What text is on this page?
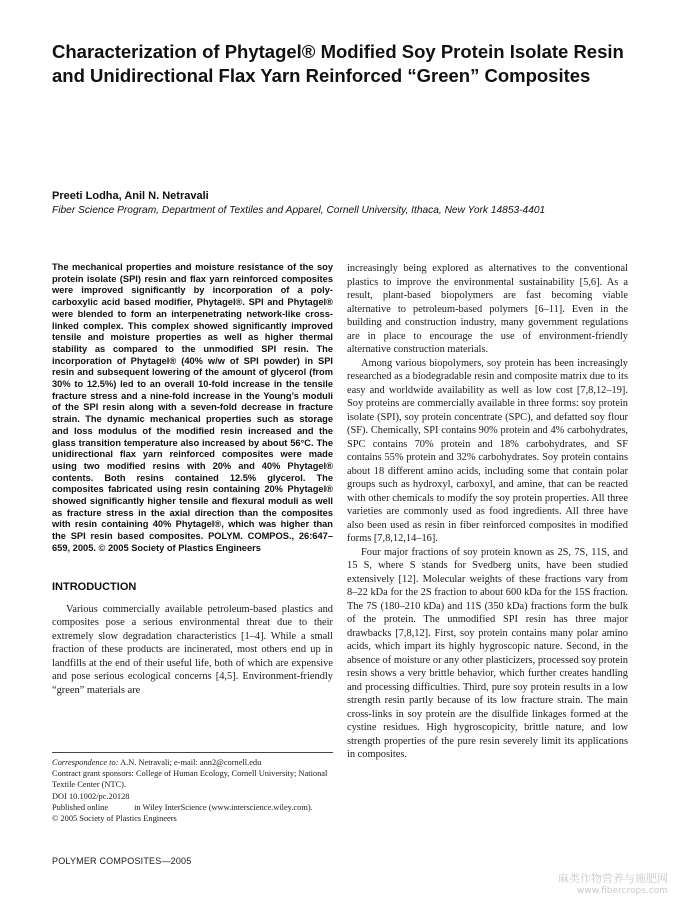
Characterization of Phytagel® Modified Soy Protein Isolate Resin and Unidirectional Flax Yarn Reinforced “Green” Composites
Preeti Lodha, Anil N. Netravali
Fiber Science Program, Department of Textiles and Apparel, Cornell University, Ithaca, New York 14853-4401

The mechanical properties and moisture resistance of the soy protein isolate (SPI) resin and flax yarn reinforced composites were improved significantly by incorporation of a poly-carboxylic acid based modifier, Phytagel®. SPI and Phytagel® were blended to form an interpenetrating network-like cross-linked complex. This complex showed significantly improved tensile and moisture properties as well as higher thermal stability as compared to the unmodified SPI resin. The incorporation of Phytagel® (40% w/w of SPI powder) in SPI resin and subsequent lowering of the amount of glycerol (from 30% to 12.5%) led to an overall 10-fold increase in the tensile fracture stress and a nine-fold increase in the Young’s moduli of the SPI resin along with a seven-fold decrease in fracture strain. The dynamic mechanical properties such as storage and loss modulus of the modified resin increased and the glass transition temperature also increased by about 56°C. The unidirectional flax yarn reinforced composites were made using two modified resins with 20% and 40% Phytagel® contents. Both resins contained 12.5% glycerol. The composites fabricated using resin containing 20% Phytagel® showed significantly higher tensile and flexural moduli as well as fracture stress in the axial direction than the composites with resin containing 40% Phytagel®, which was higher than the SPI resin based composites. POLYM. COMPOS., 26:647–659, 2005. © 2005 Society of Plastics Engineers

INTRODUCTION

Various commercially available petroleum-based plastics and composites pose a serious environmental threat due to their extremely slow degradation characteristics [1–4]. While a small fraction of these products are incinerated, most others end up in landfills at the end of their useful life, both of which are expensive and pose serious ecological concerns [4,5]. Environment-friendly “green” materials are

increasingly being explored as alternatives to the conventional plastics to improve the environmental sustainability [5,6]. As a result, plant-based biopolymers are fast becoming viable alternative to petroleum-based polymers [6–11]. Even in the building and construction industry, many government regulations are in place to encourage the use of environment-friendly alternative construction materials.

Among various biopolymers, soy protein has been increasingly researched as a biodegradable resin and composite matrix due to its easy and worldwide availability as well as low cost [7,8,12–19]. Soy proteins are commercially available in three forms: soy protein isolate (SPI), soy protein concentrate (SPC), and defatted soy flour (SF). Chemically, SPI contains 90% protein and 4% carbohydrates, SPC contains 70% protein and 18% carbohydrates, and SF contains 55% protein and 32% carbohydrates. Soy protein contains about 18 different amino acids, including some that contain polar groups such as hydroxyl, carboxyl, and amine, that can be reacted with other chemicals to modify the soy protein properties. All three varieties are commonly used as food ingredients. All three have also been used as resin in fiber reinforced composites in modified forms [7,8,12,14–16].

Four major fractions of soy protein known as 2S, 7S, 11S, and 15 S, where S stands for Svedberg units, have been studied extensively [12]. Molecular weights of these fractions vary from 8–22 kDa for the 2S fraction to about 600 kDa for the 15S fraction. The 7S (180–210 kDa) and 11S (350 kDa) fractions form the bulk of the protein. The unmodified SPI resin has three major drawbacks [7,8,12]. First, soy protein contains many polar amino acids, which impart its highly hygroscopic nature. Second, in the absence of moisture or any other plasticizers, processed soy protein resin shows a very brittle behavior, which further creates handling and processing difficulties. Third, pure soy protein results in a low strength resin partly because of its low fracture strain. The main cross-links in soy protein are the disulfide linkages formed at the cystine residues. High hygroscopicity, brittle nature, and low strength properties of the pure resin severely limit its applications in composites.

Correspondence to: A.N. Netravali; e-mail: ann2@cornell.edu

Contract grant sponsors: College of Human Ecology, Cornell University; National Textile Center (NTC).

DOI 10.1002/pc.20128

Published online	in Wiley InterScience (www.interscience.wiley.com).

© 2005 Society of Plastics Engineers

POLYMER COMPOSITES—2005
麻类作物营养与施肥网
www.fibercrops.com
